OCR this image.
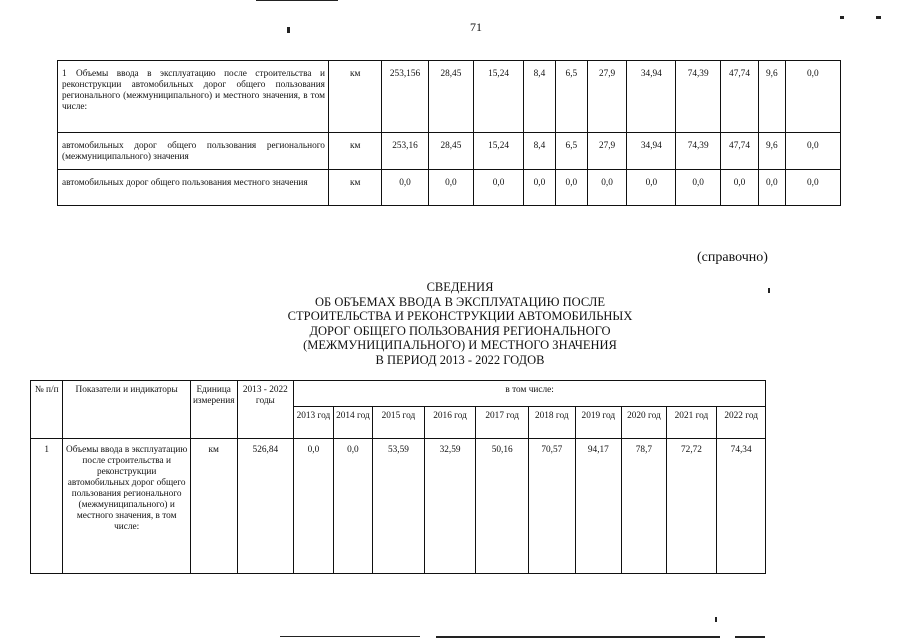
71
1 Объемы ввода в эксплуатацию после строительства и реконструкции автомобильных дорог общего пользования регионального (межмуниципального) и местного значения, в том числе:	км	253,156	28,45	15,24	8,4	6,5	27,9	34,94	74,39	47,74	9,6	0,0
автомобильных дорог общего пользования регионального (межмуниципального) значения	км	253,16	28,45	15,24	8,4	6,5	27,9	34,94	74,39	47,74	9,6	0,0
автомобильных дорог общего пользования местного значения	км	0,0	0,0	0,0	0,0	0,0	0,0	0,0	0,0	0,0	0,0	0,0
(справочно)
СВЕДЕНИЯ
ОБ ОБЪЕМАХ ВВОДА В ЭКСПЛУАТАЦИЮ ПОСЛЕ
СТРОИТЕЛЬСТВА И РЕКОНСТРУКЦИИ АВТОМОБИЛЬНЫХ
ДОРОГ ОБЩЕГО ПОЛЬЗОВАНИЯ РЕГИОНАЛЬНОГО
(МЕЖМУНИЦИПАЛЬНОГО) И МЕСТНОГО ЗНАЧЕНИЯ
В ПЕРИОД 2013 - 2022 ГОДОВ
№ п/п	Показатели и индикаторы	Единица измерения	2013 - 2022 годы	в том числе:									
				2013 год	2014 год	2015 год	2016 год	2017 год	2018 год	2019 год	2020 год	2021 год	2022 год
1	Объемы ввода в эксплуатацию после строительства и реконструкции автомобильных дорог общего пользования регионального (межмуниципального) и местного значения, в том числе:	км	526,84	0,0	0,0	53,59	32,59	50,16	70,57	94,17	78,7	72,72	74,34
